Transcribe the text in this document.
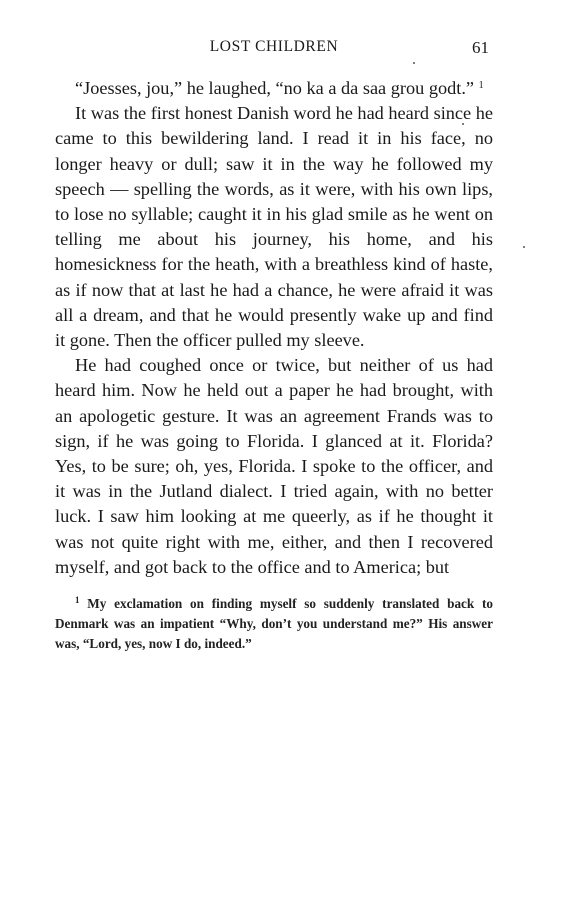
LOST CHILDREN	61

“Joesses, jou,” he laughed, “no ka a da saa grou godt.” $^1$

It was the first honest Danish word he had heard since he came to this bewildering land. I read it in his face, no longer heavy or dull; saw it in the way he followed my speech — spelling the words, as it were, with his own lips, to lose no syllable; caught it in his glad smile as he went on telling me about his journey, his home, and his homesickness for the heath, with a breathless kind of haste, as if now that at last he had a chance, he were afraid it was all a dream, and that he would presently wake up and find it gone. Then the officer pulled my sleeve.

He had coughed once or twice, but neither of us had heard him. Now he held out a paper he had brought, with an apologetic gesture. It was an agreement Frands was to sign, if he was going to Florida. I glanced at it. Florida? Yes, to be sure; oh, yes, Florida. I spoke to the officer, and it was in the Jutland dialect. I tried again, with no better luck. I saw him looking at me queerly, as if he thought it was not quite right with me, either, and then I recovered myself, and got back to the office and to America; but

$^1$ My exclamation on finding myself so suddenly translated back to Denmark was an impatient “Why, don’t you understand me?” His answer was, “Lord, yes, now I do, indeed.”
